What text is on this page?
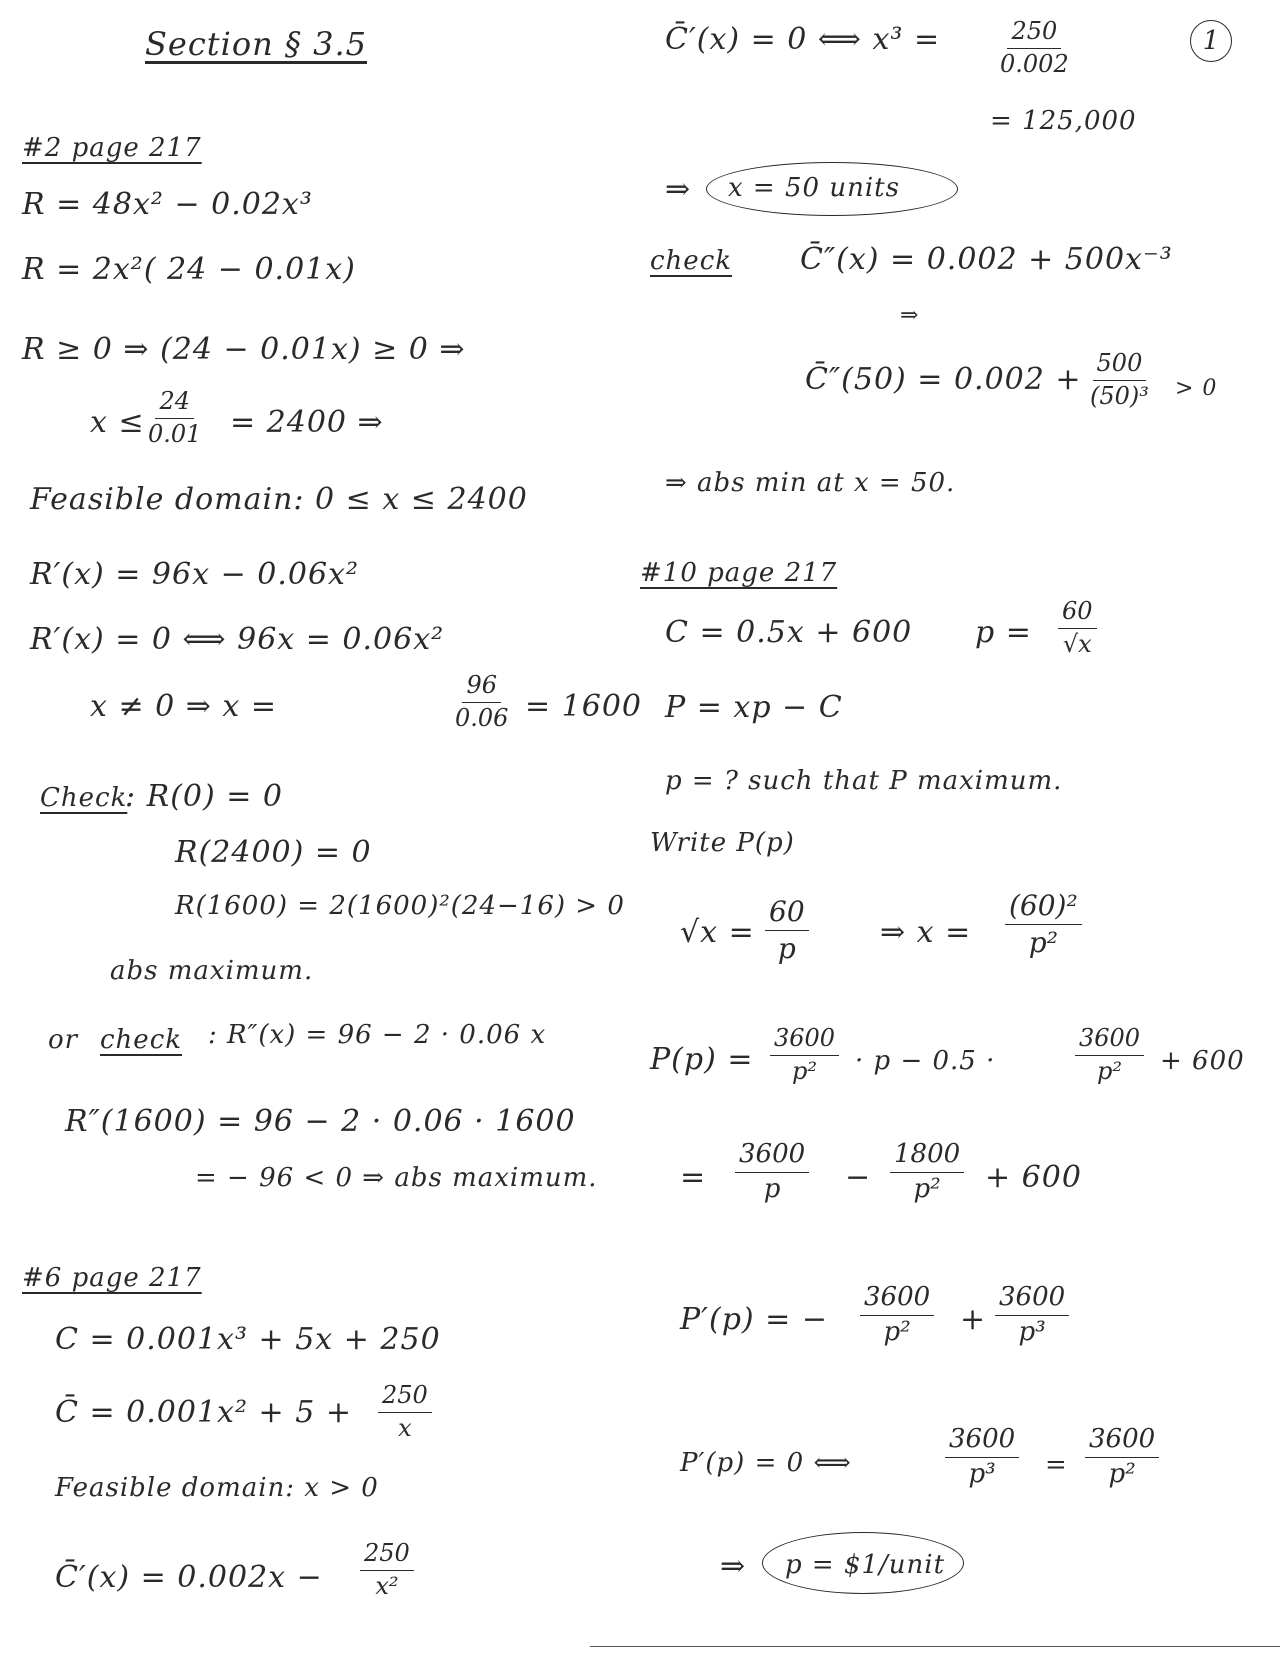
1
Section § 3.5
#2 page 217
R = 48x² − 0.02x³
R = 2x²( 24 − 0.01x)
R ≥ 0 ⇒ (24 − 0.01x) ≥ 0 ⇒
$x \le \frac{24}{0.01} = 2400$ ⇒
Feasible domain: 0 ≤ x ≤ 2400
R′(x) = 96x − 0.06x²
R′(x) = 0 ⟺ 96x = 0.06x²
x ≠ 0 ⇒ x =	$\frac{96}{0.06} = 1600$
Check
: R(0) = 0
R(2400) = 0
R(1600) = 2(1600)²(24−16) > 0
abs maximum.
or check : R″(x) = 96 − 2 · 0.06 x
R″(1600) = 96 − 2 · 0.06 · 1600
= − 96 < 0 ⇒ abs maximum.
#6 page 217
C = 0.001x³ + 5x + 250
C̄ = $0.001x^2 + 5 + \frac{250}{x}$
Feasible domain: x > 0
C̄′(x) = $0.002x - \frac{250}{\text{x²}}$
C̄′(x) = 0 ⟺ $x^3 = \frac{250}{0.002}$
= 125,000
⇒ x = 50 units
check C̄″(x) = 0.002 + 500x⁻³
⇒
C̄″(50) = $0.002 + \frac{500}{\text{(50)³}} > 0$
⇒ abs min at x = 50.
#10 page 217
C = 0.5x + 600 $p = \frac{60}{√x}$
P = xp − C
p = ? such that P maximum.
Write P(p)
$√x = \frac{60}{p}$ ⇒ $x = \frac{\text{(60)²}}{\text{p²}}$
$P(p) = \frac{3600}{\text{p²}} \cdot p - 0.5$ ·	$\frac{3600}{\text{p²}} + 600$
= $\frac{3600}{p} - \frac{1800}{\text{p²}} + 600$
P′(p) = − $\frac{3600}{\text{p²}} + \frac{3600}{\text{p³}}$
P′(p) = 0 ⟺	$\frac{3600}{\text{p³}} = \frac{3600}{\text{p²}}$
⇒ p = $1/unit
